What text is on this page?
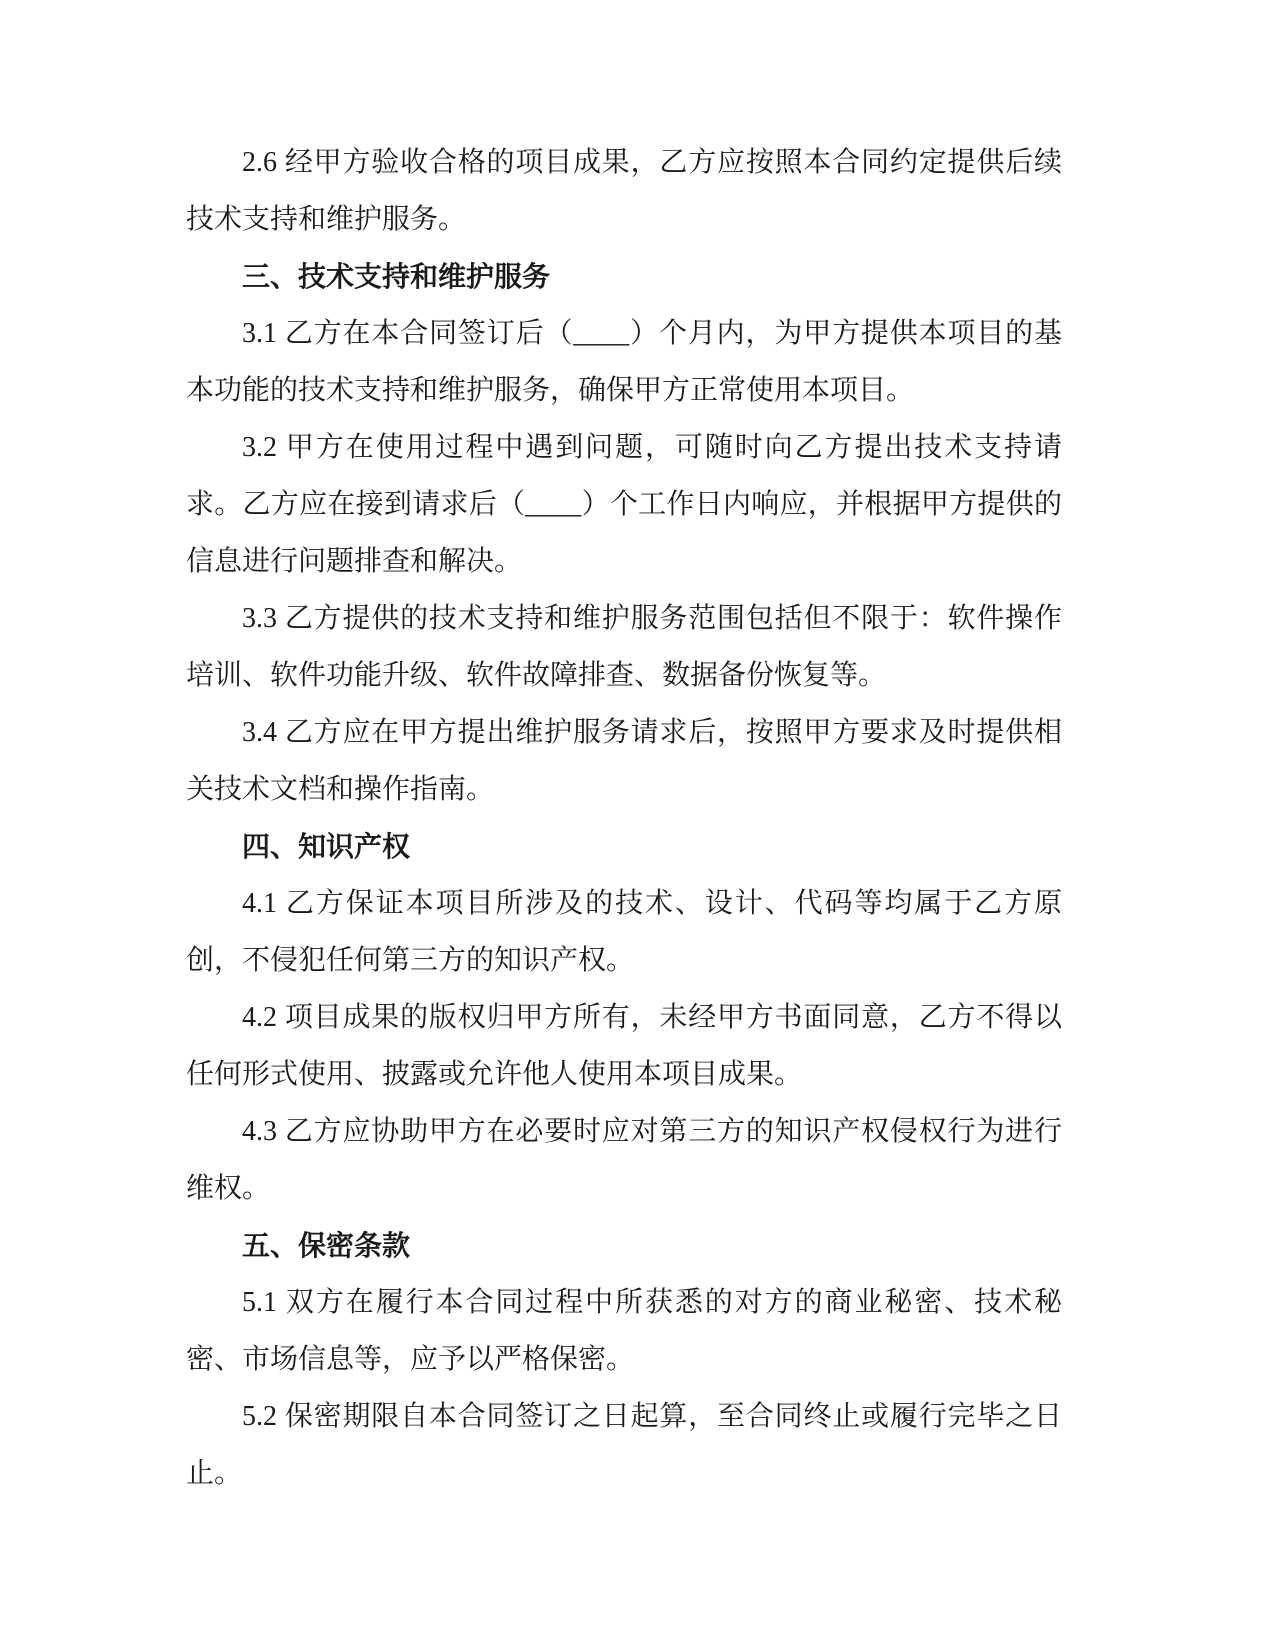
2.6 经甲方验收合格的项目成果，乙方应按照本合同约定提供后续技术支持和维护服务。

三、技术支持和维护服务

3.1 乙方在本合同签订后（____）个月内，为甲方提供本项目的基本功能的技术支持和维护服务，确保甲方正常使用本项目。

3.2 甲方在使用过程中遇到问题，可随时向乙方提出技术支持请求。乙方应在接到请求后（____）个工作日内响应，并根据甲方提供的信息进行问题排查和解决。

3.3 乙方提供的技术支持和维护服务范围包括但不限于：软件操作培训、软件功能升级、软件故障排查、数据备份恢复等。

3.4 乙方应在甲方提出维护服务请求后，按照甲方要求及时提供相关技术文档和操作指南。

四、知识产权

4.1 乙方保证本项目所涉及的技术、设计、代码等均属于乙方原创，不侵犯任何第三方的知识产权。

4.2 项目成果的版权归甲方所有，未经甲方书面同意，乙方不得以任何形式使用、披露或允许他人使用本项目成果。

4.3 乙方应协助甲方在必要时应对第三方的知识产权侵权行为进行维权。

五、保密条款

5.1 双方在履行本合同过程中所获悉的对方的商业秘密、技术秘密、市场信息等，应予以严格保密。

5.2 保密期限自本合同签订之日起算，至合同终止或履行完毕之日止。
